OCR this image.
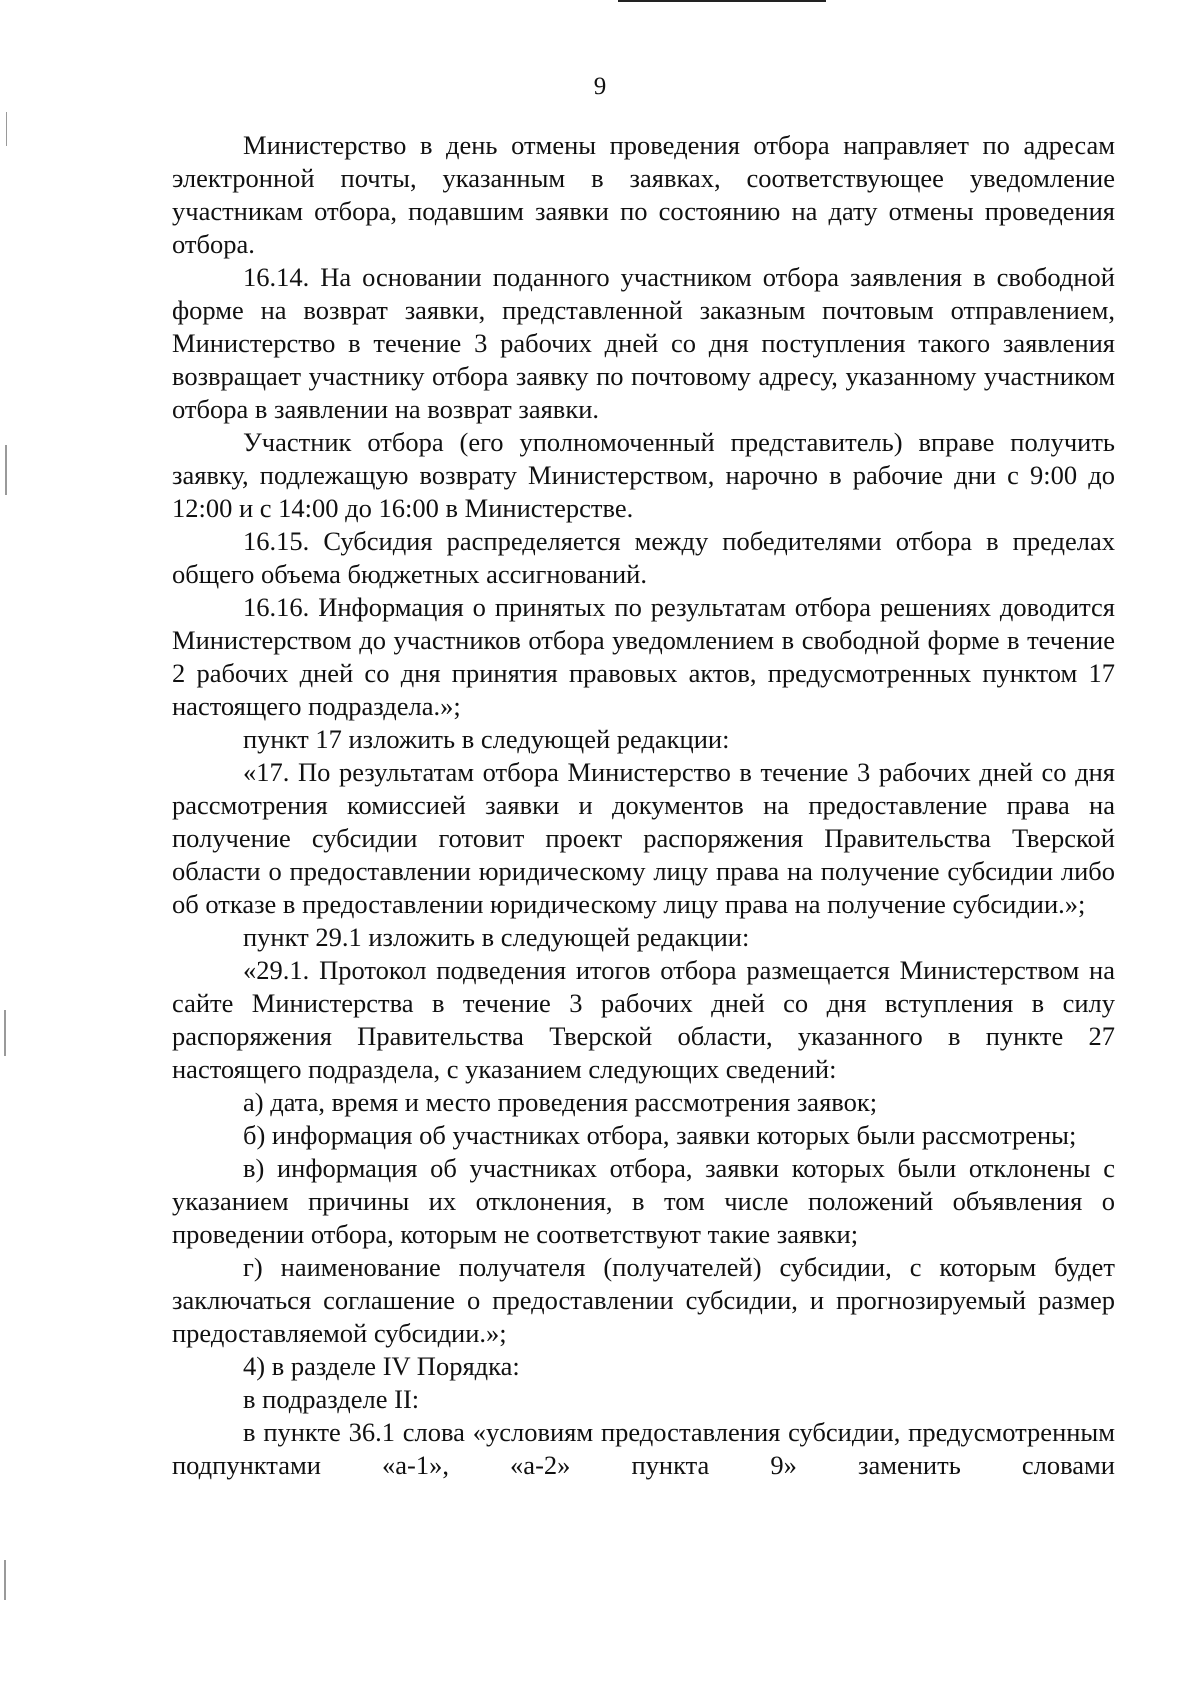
9

Министерство в день отмены проведения отбора направляет по адресам электронной почты, указанным в заявках, соответствующее уведомление участникам отбора, подавшим заявки по состоянию на дату отмены проведения отбора.

16.14. На основании поданного участником отбора заявления в свободной форме на возврат заявки, представленной заказным почтовым отправлением, Министерство в течение 3 рабочих дней со дня поступления такого заявления возвращает участнику отбора заявку по почтовому адресу, указанному участником отбора в заявлении на возврат заявки.

Участник отбора (его уполномоченный представитель) вправе получить заявку, подлежащую возврату Министерством, нарочно в рабочие дни с 9:00 до 12:00 и с 14:00 до 16:00 в Министерстве.

16.15. Субсидия распределяется между победителями отбора в пределах общего объема бюджетных ассигнований.

16.16. Информация о принятых по результатам отбора решениях доводится Министерством до участников отбора уведомлением в свободной форме в течение 2 рабочих дней со дня принятия правовых актов, предусмотренных пунктом 17 настоящего подраздела.»;

пункт 17 изложить в следующей редакции:

«17. По результатам отбора Министерство в течение 3 рабочих дней со дня рассмотрения комиссией заявки и документов на предоставление права на получение субсидии готовит проект распоряжения Правительства Тверской области о предоставлении юридическому лицу права на получение субсидии либо об отказе в предоставлении юридическому лицу права на получение субсидии.»;

пункт 29.1 изложить в следующей редакции:

«29.1. Протокол подведения итогов отбора размещается Министерством на сайте Министерства в течение 3 рабочих дней со дня вступления в силу распоряжения Правительства Тверской области, указанного в пункте 27 настоящего подраздела, с указанием следующих сведений:

а) дата, время и место проведения рассмотрения заявок;

б) информация об участниках отбора, заявки которых были рассмотрены;

в) информация об участниках отбора, заявки которых были отклонены с указанием причины их отклонения, в том числе положений объявления о проведении отбора, которым не соответствуют такие заявки;

г) наименование получателя (получателей) субсидии, с которым будет заключаться соглашение о предоставлении субсидии, и прогнозируемый размер предоставляемой субсидии.»;

4) в разделе IV Порядка:

в подразделе II:

в пункте 36.1 слова «условиям предоставления субсидии, предусмотренным подпунктами «а-1», «а-2» пункта 9» заменить словами
